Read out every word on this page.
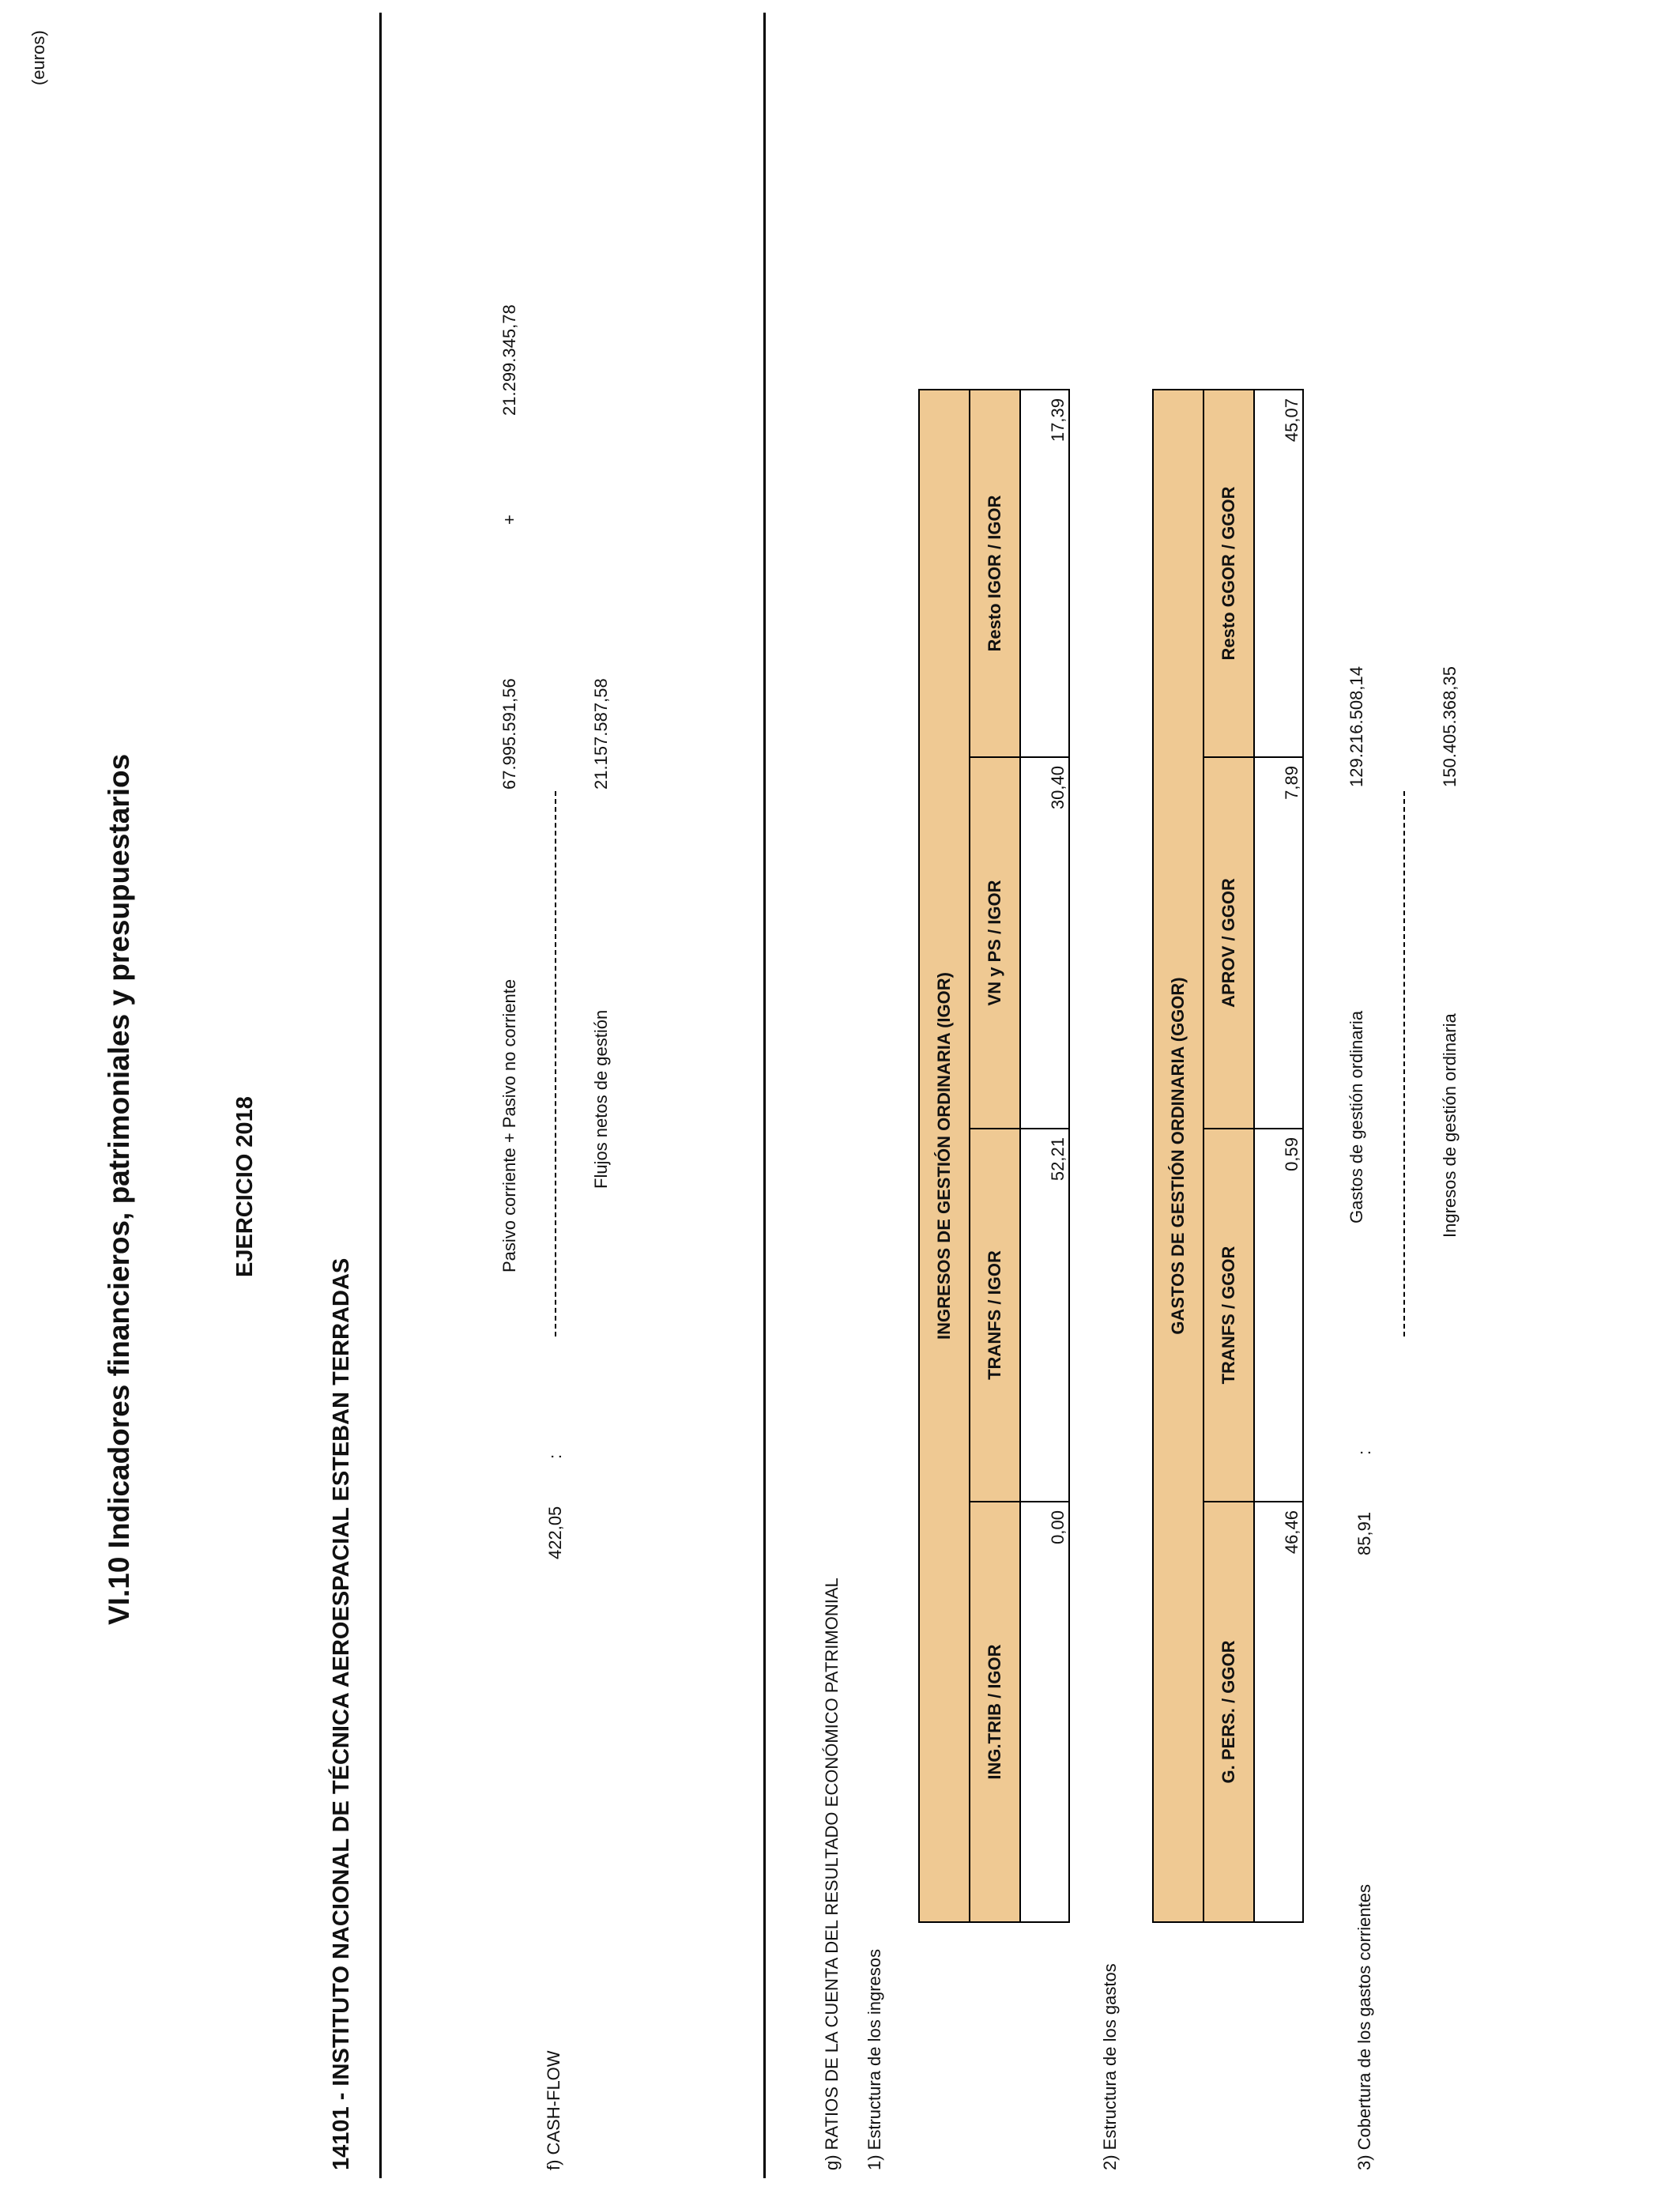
VI.10 Indicadores financieros, patrimoniales y presupuestarios	EJERCICIO 2018
14101 - INSTITUTO NACIONAL DE TÉCNICA AEROESPACIAL ESTEBAN TERRADAS
(euros)
f) CASH-FLOW
422,05
:
Pasivo corriente + Pasivo no corriente
67.995.591,56
+
21.299.345,78
Flujos netos de gestión
21.157.587,58
g) RATIOS DE LA CUENTA DEL RESULTADO ECONÓMICO PATRIMONIAL 1) Estructura de los ingresos
INGRESOS DE GESTIÓN ORDINARIA (IGOR)			
ING.TRIB / IGOR	TRANFS / IGOR	VN y PS / IGOR	Resto IGOR / IGOR
0,00	52,21	30,40	17,39
2) Estructura de los gastos
GASTOS DE GESTIÓN ORDINARIA (GGOR)			
G. PERS. / GGOR	TRANFS / GGOR	APROV / GGOR	Resto GGOR / GGOR
46,46	0,59	7,89	45,07
3) Cobertura de los gastos corrientes
85,91
:
Gastos de gestión ordinaria
129.216.508,14
Ingresos de gestión ordinaria
150.405.368,35
